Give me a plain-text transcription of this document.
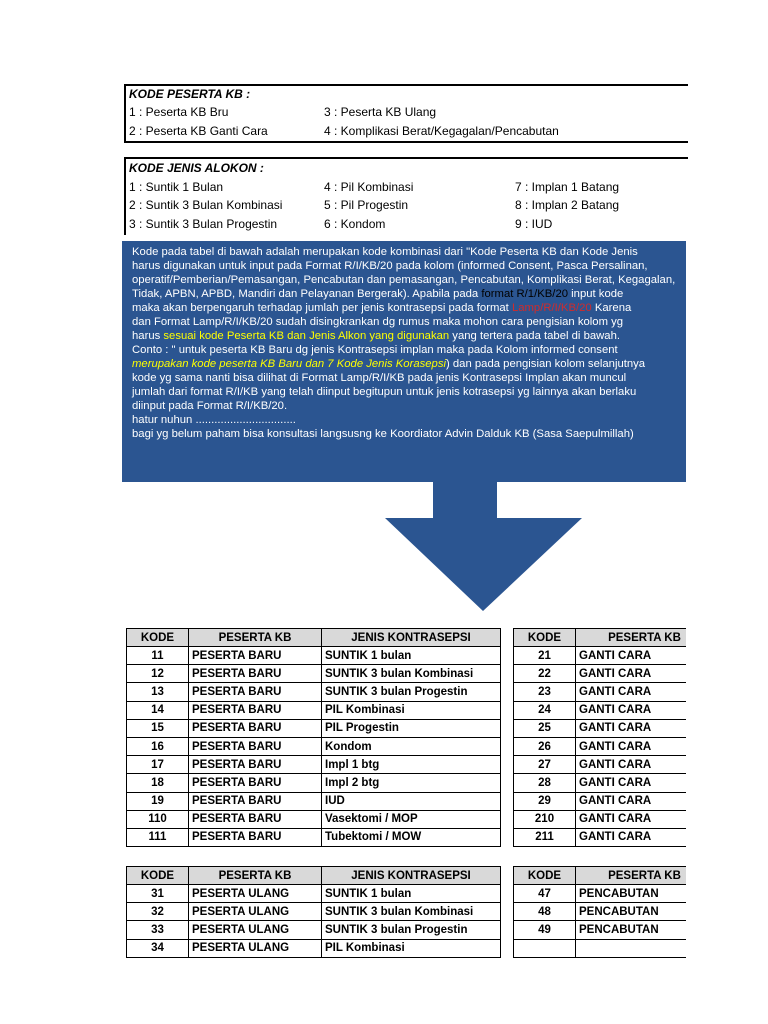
KODE PESERTA KB :
1 : Peserta KB Bru
2 : Peserta KB Ganti Cara
3 : Peserta KB Ulang
4 : Komplikasi Berat/Kegagalan/Pencabutan
KODE JENIS ALOKON :
1 : Suntik 1 Bulan
2 : Suntik 3 Bulan Kombinasi
3 : Suntik 3 Bulan Progestin
4 : Pil Kombinasi
5 : Pil Progestin
6 : Kondom
7 : Implan 1 Batang
8 : Implan 2 Batang
9 : IUD
Kode pada tabel di bawah adalah merupakan kode kombinasi dari "Kode Peserta KB dan Kode Jenis
harus digunakan untuk input pada Format R/I/KB/20 pada kolom (informed Consent, Pasca Persalinan,
operatif/Pemberian/Pemasangan, Pencabutan dan pemasangan, Pencabutan, Komplikasi Berat, Kegagalan,
Tidak, APBN, APBD, Mandiri dan Pelayanan Bergerak). Apabila pada format R/1/KB/20 input kode
maka akan berpengaruh terhadap jumlah per jenis kontrasepsi pada format Lamp/R/I/KB/20 Karena
dan Format Lamp/R/I/KB/20 sudah disingkrankan dg rumus maka mohon cara pengisian kolom yg
harus sesuai kode Peserta KB dan Jenis Alkon yang digunakan yang tertera pada tabel di bawah.
Conto : " untuk peserta KB Baru dg jenis Kontrasepsi implan maka pada Kolom informed consent
merupakan kode peserta KB Baru dan 7 Kode Jenis Korasepsi) dan pada pengisian kolom selanjutnya
kode yg sama nanti bisa dilihat di Format Lamp/R/I/KB pada jenis Kontrasepsi Implan akan muncul
jumlah dari format R/I/KB yang telah diinput begitupun untuk jenis kotrasepsi yg lainnya akan berlaku
diinput pada Format R/I/KB/20.
hatur nuhun ................................
bagi yg belum paham bisa konsultasi langsusng ke Koordiator Advin Dalduk KB (Sasa Saepulmillah)
KODE	PESERTA KB	JENIS KONTRASEPSI
11	PESERTA BARU	SUNTIK 1 bulan
12	PESERTA BARU	SUNTIK 3 bulan Kombinasi
13	PESERTA BARU	SUNTIK 3 bulan Progestin
14	PESERTA BARU	PIL Kombinasi
15	PESERTA BARU	PIL Progestin
16	PESERTA BARU	Kondom
17	PESERTA BARU	Impl 1 btg
18	PESERTA BARU	Impl 2 btg
19	PESERTA BARU	IUD
110	PESERTA BARU	Vasektomi / MOP
111	PESERTA BARU	Tubektomi / MOW
KODE	PESERTA KB
21	GANTI CARA
22	GANTI CARA
23	GANTI CARA
24	GANTI CARA
25	GANTI CARA
26	GANTI CARA
27	GANTI CARA
28	GANTI CARA
29	GANTI CARA
210	GANTI CARA
211	GANTI CARA
KODE	PESERTA KB	JENIS KONTRASEPSI
31	PESERTA ULANG	SUNTIK 1 bulan
32	PESERTA ULANG	SUNTIK 3 bulan Kombinasi
33	PESERTA ULANG	SUNTIK 3 bulan Progestin
34	PESERTA ULANG	PIL Kombinasi
KODE	PESERTA KB
47	PENCABUTAN
48	PENCABUTAN
49	PENCABUTAN
